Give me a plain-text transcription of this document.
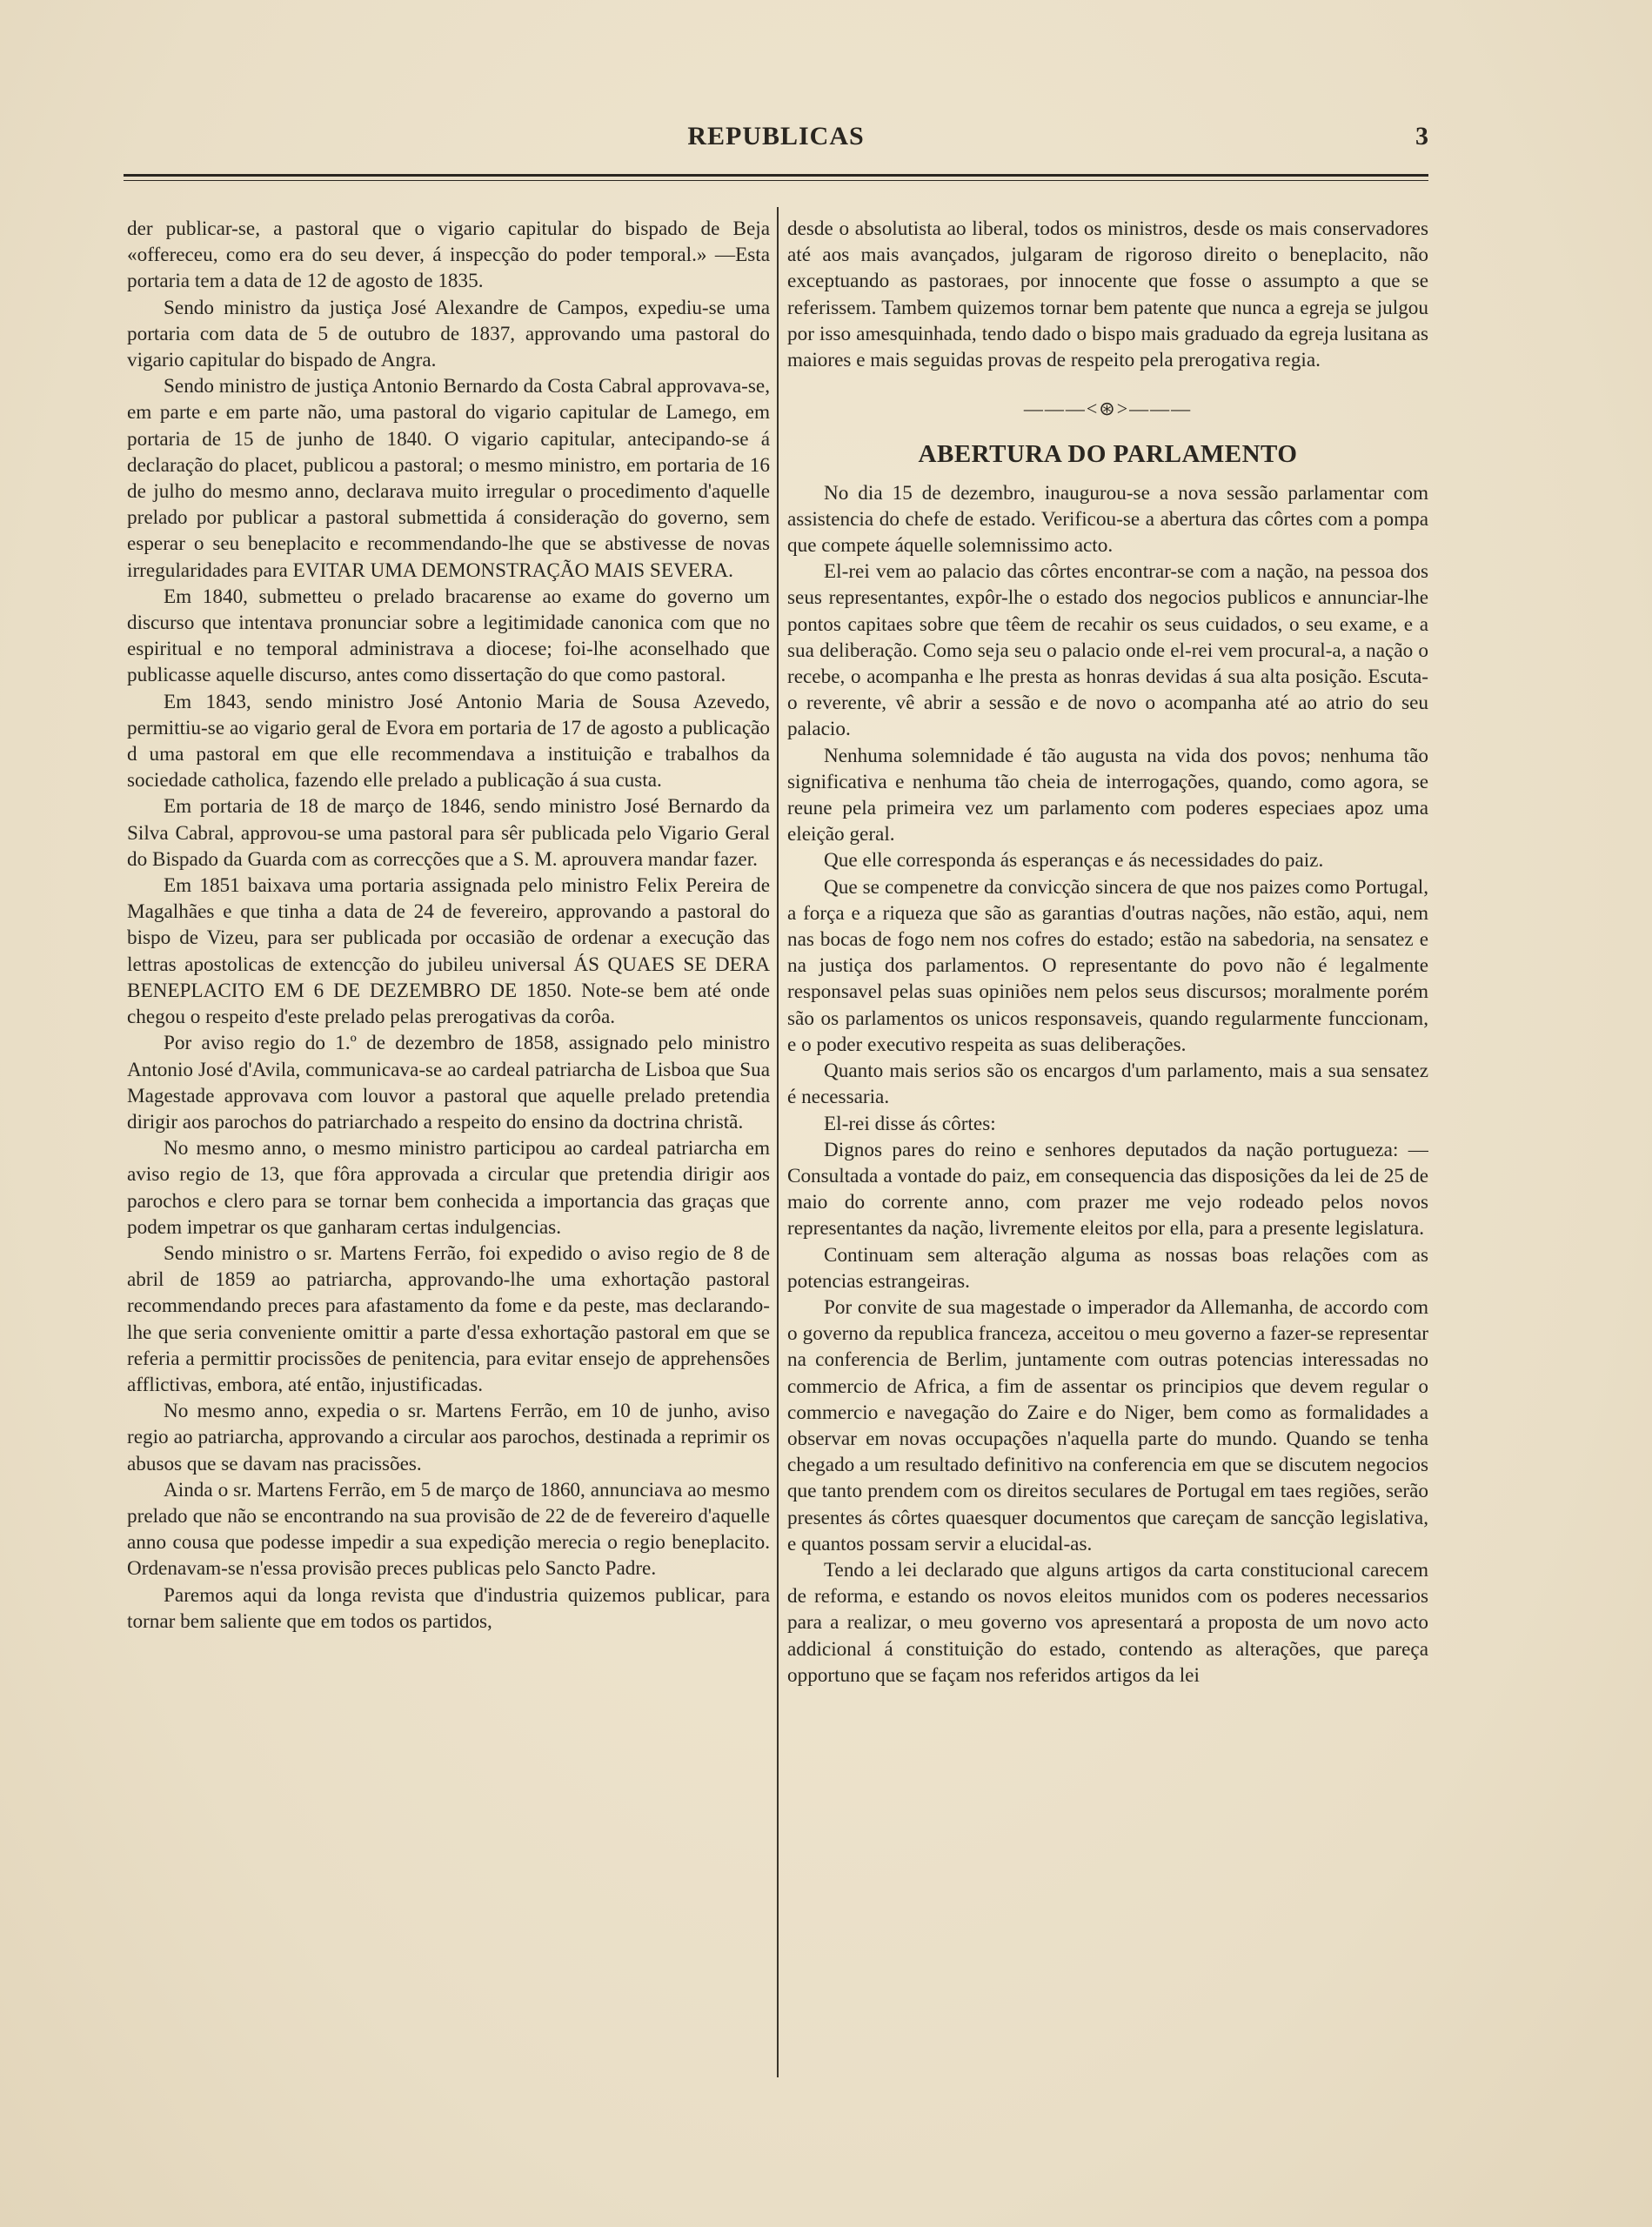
REPUBLICAS	3

der publicar-se, a pastoral que o vigario capitular do bispado de Beja «offereceu, como era do seu dever, á inspecção do poder temporal.» —Esta portaria tem a data de 12 de agosto de 1835.

Sendo ministro da justiça José Alexandre de Campos, expediu-se uma portaria com data de 5 de outubro de 1837, approvando uma pastoral do vigario capitular do bispado de Angra.

Sendo ministro de justiça Antonio Bernardo da Costa Cabral approvava-se, em parte e em parte não, uma pastoral do vigario capitular de Lamego, em portaria de 15 de junho de 1840. O vigario capitular, antecipando-se á declaração do placet, publicou a pastoral; o mesmo ministro, em portaria de 16 de julho do mesmo anno, declarava muito irregular o procedimento d'aquelle prelado por publicar a pastoral submettida á consideração do governo, sem esperar o seu beneplacito e recommendando-lhe que se abstivesse de novas irregularidades para EVITAR UMA DEMONSTRAÇÃO MAIS SEVERA.

Em 1840, submetteu o prelado bracarense ao exame do governo um discurso que intentava pronunciar sobre a legitimidade canonica com que no espiritual e no temporal administrava a diocese; foi-lhe aconselhado que publicasse aquelle discurso, antes como dissertação do que como pastoral.

Em 1843, sendo ministro José Antonio Maria de Sousa Azevedo, permittiu-se ao vigario geral de Evora em portaria de 17 de agosto a publicação d uma pastoral em que elle recommendava a instituição e trabalhos da sociedade catholica, fazendo elle prelado a publicação á sua custa.

Em portaria de 18 de março de 1846, sendo ministro José Bernardo da Silva Cabral, approvou-se uma pastoral para sêr publicada pelo Vigario Geral do Bispado da Guarda com as correcções que a S. M. aprouvera mandar fazer.

Em 1851 baixava uma portaria assignada pelo ministro Felix Pereira de Magalhães e que tinha a data de 24 de fevereiro, approvando a pastoral do bispo de Vizeu, para ser publicada por occasião de ordenar a execução das lettras apostolicas de extencção do jubileu universal ÁS QUAES SE DERA BENEPLACITO EM 6 DE DEZEMBRO DE 1850. Note-se bem até onde chegou o respeito d'este prelado pelas prerogativas da corôa.

Por aviso regio do 1.º de dezembro de 1858, assignado pelo ministro Antonio José d'Avila, communicava-se ao cardeal patriarcha de Lisboa que Sua Magestade approvava com louvor a pastoral que aquelle prelado pretendia dirigir aos parochos do patriarchado a respeito do ensino da doctrina christã.

No mesmo anno, o mesmo ministro participou ao cardeal patriarcha em aviso regio de 13, que fôra approvada a circular que pretendia dirigir aos parochos e clero para se tornar bem conhecida a importancia das graças que podem impetrar os que ganharam certas indulgencias.

Sendo ministro o sr. Martens Ferrão, foi expedido o aviso regio de 8 de abril de 1859 ao patriarcha, approvando-lhe uma exhortação pastoral recommendando preces para afastamento da fome e da peste, mas declarando-lhe que seria conveniente omittir a parte d'essa exhortação pastoral em que se referia a permittir procissões de penitencia, para evitar ensejo de apprehensões afflictivas, embora, até então, injustificadas.

No mesmo anno, expedia o sr. Martens Ferrão, em 10 de junho, aviso regio ao patriarcha, approvando a circular aos parochos, destinada a reprimir os abusos que se davam nas pracissões.

Ainda o sr. Martens Ferrão, em 5 de março de 1860, annunciava ao mesmo prelado que não se encontrando na sua provisão de 22 de de fevereiro d'aquelle anno cousa que podesse impedir a sua expedição merecia o regio beneplacito. Ordenavam-se n'essa provisão preces publicas pelo Sancto Padre.

Paremos aqui da longa revista que d'industria quizemos publicar, para tornar bem saliente que em todos os partidos,

desde o absolutista ao liberal, todos os ministros, desde os mais conservadores até aos mais avançados, julgaram de rigoroso direito o beneplacito, não exceptuando as pastoraes, por innocente que fosse o assumpto a que se referissem. Tambem quizemos tornar bem patente que nunca a egreja se julgou por isso amesquinhada, tendo dado o bispo mais graduado da egreja lusitana as maiores e mais seguidas provas de respeito pela prerogativa regia.

———<⊛>———
ABERTURA DO PARLAMENTO

No dia 15 de dezembro, inaugurou-se a nova sessão parlamentar com assistencia do chefe de estado. Verificou-se a abertura das côrtes com a pompa que compete áquelle solemnissimo acto.

El-rei vem ao palacio das côrtes encontrar-se com a nação, na pessoa dos seus representantes, expôr-lhe o estado dos negocios publicos e annunciar-lhe pontos capitaes sobre que têem de recahir os seus cuidados, o seu exame, e a sua deliberação. Como seja seu o palacio onde el-rei vem procural-a, a nação o recebe, o acompanha e lhe presta as honras devidas á sua alta posição. Escuta-o reverente, vê abrir a sessão e de novo o acompanha até ao atrio do seu palacio.

Nenhuma solemnidade é tão augusta na vida dos povos; nenhuma tão significativa e nenhuma tão cheia de interrogações, quando, como agora, se reune pela primeira vez um parlamento com poderes especiaes apoz uma eleição geral.

Que elle corresponda ás esperanças e ás necessidades do paiz.

Que se compenetre da convicção sincera de que nos paizes como Portugal, a força e a riqueza que são as garantias d'outras nações, não estão, aqui, nem nas bocas de fogo nem nos cofres do estado; estão na sabedoria, na sensatez e na justiça dos parlamentos. O representante do povo não é legalmente responsavel pelas suas opiniões nem pelos seus discursos; moralmente porém são os parlamentos os unicos responsaveis, quando regularmente funccionam, e o poder executivo respeita as suas deliberações.

Quanto mais serios são os encargos d'um parlamento, mais a sua sensatez é necessaria.

El-rei disse ás côrtes:

Dignos pares do reino e senhores deputados da nação portugueza: —Consultada a vontade do paiz, em consequencia das disposições da lei de 25 de maio do corrente anno, com prazer me vejo rodeado pelos novos representantes da nação, livremente eleitos por ella, para a presente legislatura.

Continuam sem alteração alguma as nossas boas relações com as potencias estrangeiras.

Por convite de sua magestade o imperador da Allemanha, de accordo com o governo da republica franceza, acceitou o meu governo a fazer-se representar na conferencia de Berlim, juntamente com outras potencias interessadas no commercio de Africa, a fim de assentar os principios que devem regular o commercio e navegação do Zaire e do Niger, bem como as formalidades a observar em novas occupações n'aquella parte do mundo. Quando se tenha chegado a um resultado definitivo na conferencia em que se discutem negocios que tanto prendem com os direitos seculares de Portugal em taes regiões, serão presentes ás côrtes quaesquer documentos que careçam de sancção legislativa, e quantos possam servir a elucidal-as.

Tendo a lei declarado que alguns artigos da carta constitucional carecem de reforma, e estando os novos eleitos munidos com os poderes necessarios para a realizar, o meu governo vos apresentará a proposta de um novo acto addicional á constituição do estado, contendo as alterações, que pareça opportuno que se façam nos referidos artigos da lei
